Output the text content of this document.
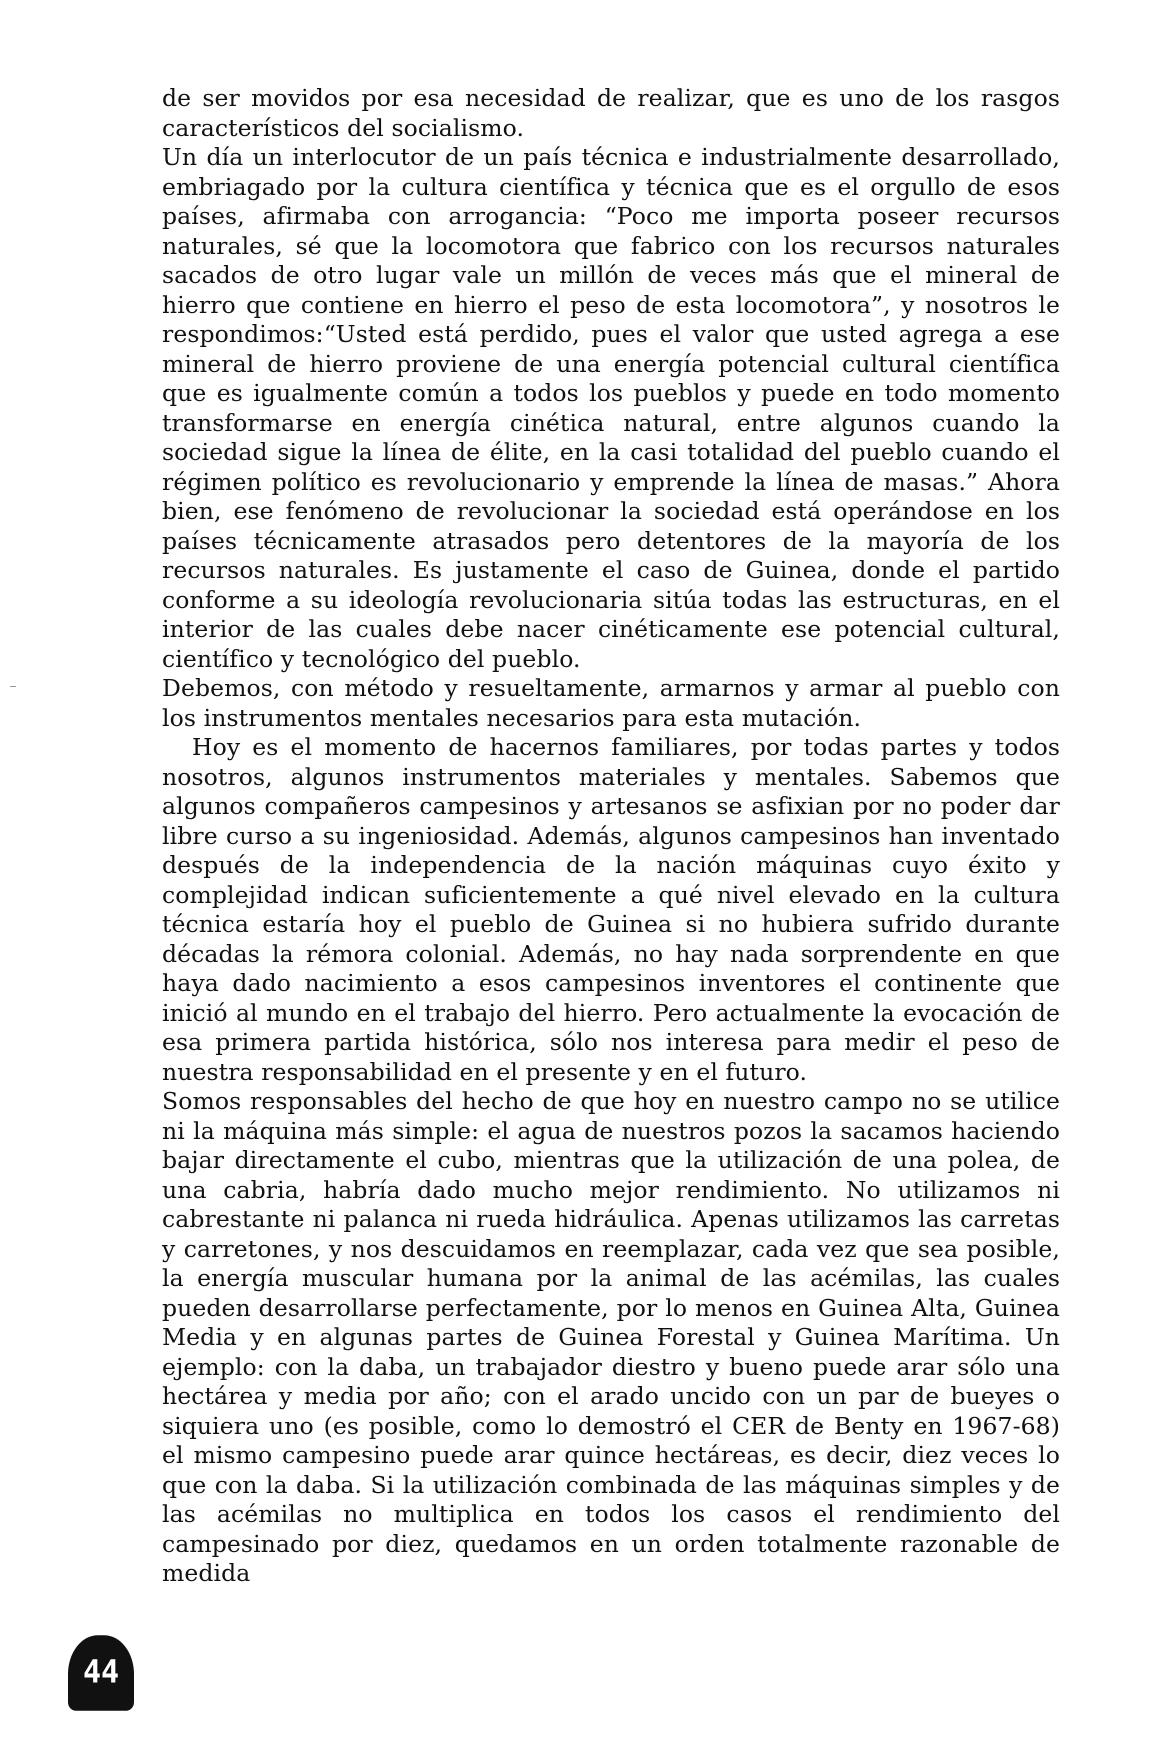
de ser movidos por esa necesidad de realizar, que es uno de los rasgos característicos del socialismo.

Un día un interlocutor de un país técnica e industrialmente desarrollado, embriagado por la cultura científica y técnica que es el orgullo de esos países, afirmaba con arrogancia: “Poco me importa poseer recursos naturales, sé que la locomotora que fabrico con los recursos naturales sacados de otro lugar vale un millón de veces más que el mineral de hierro que contiene en hierro el peso de esta locomotora”, y nosotros le respondimos:“Usted está perdido, pues el valor que usted agrega a ese mineral de hierro proviene de una energía potencial cultural científica que es igualmente común a todos los pueblos y puede en todo momento transformarse en energía cinética natural, entre algunos cuando la sociedad sigue la línea de élite, en la casi totalidad del pueblo cuando el régimen político es revolucionario y emprende la línea de masas.” Ahora bien, ese fenómeno de revolucionar la sociedad está operándose en los países técnicamente atrasados pero detentores de la mayoría de los recursos naturales. Es justamente el caso de Guinea, donde el partido conforme a su ideología revolucionaria sitúa todas las estructuras, en el interior de las cuales debe nacer cinéticamente ese potencial cultural, científico y tecnológico del pueblo.

Debemos, con método y resueltamente, armarnos y armar al pueblo con los instrumentos mentales necesarios para esta mutación.

Hoy es el momento de hacernos familiares, por todas partes y todos nosotros, algunos instrumentos materiales y mentales. Sabemos que algunos compañeros campesinos y artesanos se asfixian por no poder dar libre curso a su ingeniosidad. Además, algunos campesinos han inventado después de la independencia de la nación máquinas cuyo éxito y complejidad indican suficientemente a qué nivel elevado en la cultura técnica estaría hoy el pueblo de Guinea si no hubiera sufrido durante décadas la rémora colonial. Además, no hay nada sorprendente en que haya dado nacimiento a esos campesinos inventores el continente que inició al mundo en el trabajo del hierro. Pero actualmente la evocación de esa primera partida histórica, sólo nos interesa para medir el peso de nuestra responsabilidad en el presente y en el futuro.

Somos responsables del hecho de que hoy en nuestro campo no se utilice ni la máquina más simple: el agua de nuestros pozos la sacamos haciendo bajar directamente el cubo, mientras que la utilización de una polea, de una cabria, habría dado mucho mejor rendimiento. No utilizamos ni cabrestante ni palanca ni rueda hidráulica. Apenas utilizamos las carretas y carretones, y nos descuidamos en reemplazar, cada vez que sea posible, la energía muscular humana por la animal de las acémilas, las cuales pueden desarrollarse perfectamente, por lo menos en Guinea Alta, Guinea Media y en algunas partes de Guinea Forestal y Guinea Marítima. Un ejemplo: con la daba, un trabajador diestro y bueno puede arar sólo una hectárea y media por año; con el arado uncido con un par de bueyes o siquiera uno (es posible, como lo demostró el CER de Benty en 1967-68) el mismo campesino puede arar quince hectáreas, es decir, diez veces lo que con la daba. Si la utilización combinada de las máquinas simples y de las acémilas no multiplica en todos los casos el rendimiento del campesinado por diez, quedamos en un orden totalmente razonable de medida

44
